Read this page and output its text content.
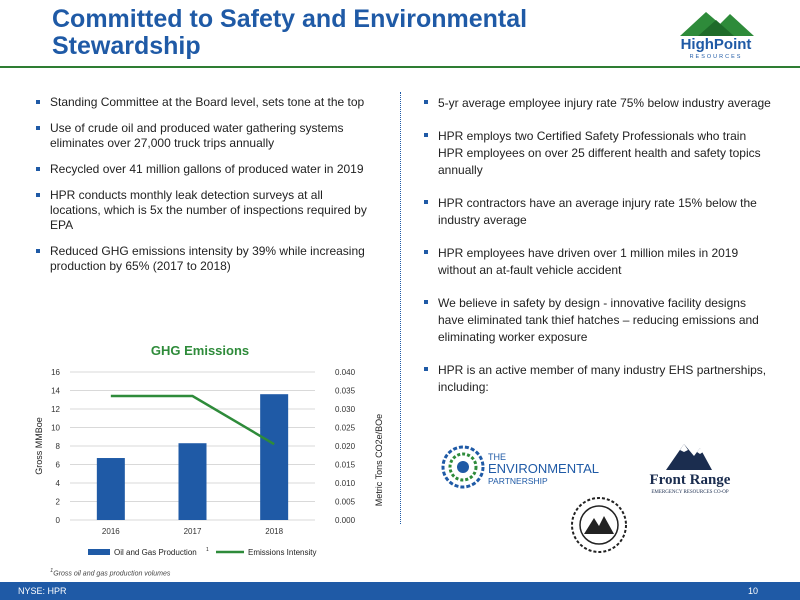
Committed to Safety and Environmental
Stewardship	HighPoint
RESOURCES
Standing Committee at the Board level, sets tone at the top
Use of crude oil and produced water gathering systems eliminates over 27,000 truck trips annually
Recycled over 41 million gallons of produced water in 2019
HPR conducts monthly leak detection surveys at all locations, which is 5x the number of inspections required by EPA
Reduced GHG emissions intensity by 39% while increasing production by 65% (2017 to 2018)
5-yr average employee injury rate 75% below industry average
HPR employs two Certified Safety Professionals who train HPR employees on over 25 different health and safety topics annually
HPR contractors have an average injury rate 15% below the industry average
HPR employees have driven over 1 million miles in 2019 without an at-fault vehicle accident
We believe in safety by design - innovative facility designs have eliminated tank thief hatches – reducing emissions and eliminating worker exposure
HPR is an active member of many industry EHS partnerships, including:
GHG Emissions
0
2
4
6
8
10
12
14
16
0.000
0.005
0.010
0.015
0.020
0.025
0.030
0.035
0.040
Gross MMBoe	Metric Tons CO2e/BOe
2016	2017	2018
Oil and Gas Production 1	Emissions Intensity
THE
ENVIRONMENTAL
PARTNERSHIP	Front Range
EMERGENCY RESOURCES CO-OP
$^1$Gross oil and gas production volumes
NYSE: HPR	10
